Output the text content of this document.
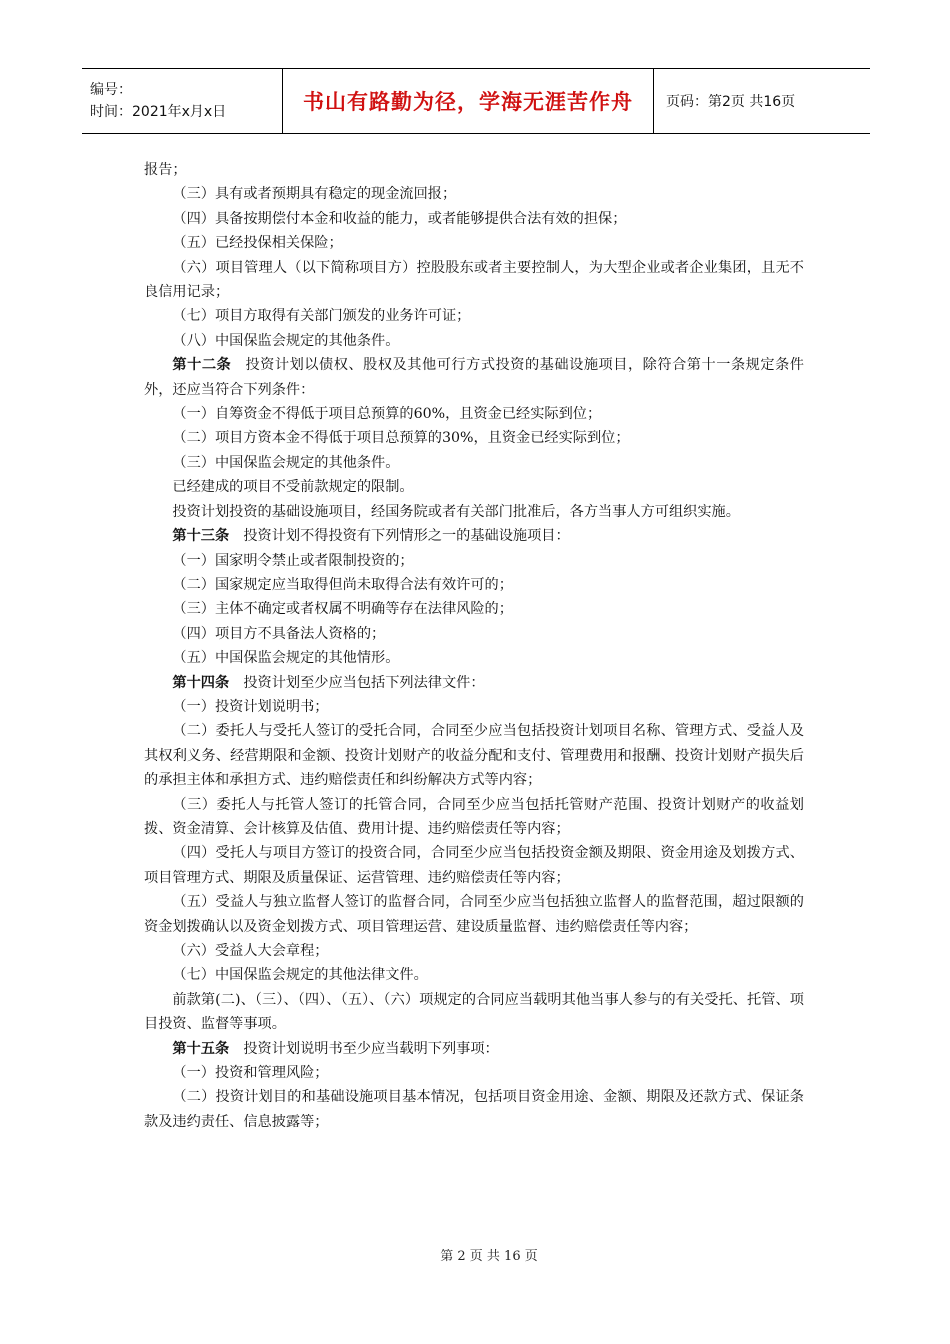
编号：
时间：2021年x月x日	书山有路勤为径，学海无涯苦作舟 页码：第2页 共16页

报告；

（三）具有或者预期具有稳定的现金流回报；

（四）具备按期偿付本金和收益的能力，或者能够提供合法有效的担保；

（五）已经投保相关保险；

（六）项目管理人（以下简称项目方）控股股东或者主要控制人，为大型企业或者企业集团，且无不良信用记录；

（七）项目方取得有关部门颁发的业务许可证；

（八）中国保监会规定的其他条件。

第十二条 投资计划以债权、股权及其他可行方式投资的基础设施项目，除符合第十一条规定条件外，还应当符合下列条件：

（一）自筹资金不得低于项目总预算的60%，且资金已经实际到位；

（二）项目方资本金不得低于项目总预算的30%，且资金已经实际到位；

（三）中国保监会规定的其他条件。

已经建成的项目不受前款规定的限制。

投资计划投资的基础设施项目，经国务院或者有关部门批准后，各方当事人方可组织实施。

第十三条 投资计划不得投资有下列情形之一的基础设施项目：

（一）国家明令禁止或者限制投资的；

（二）国家规定应当取得但尚未取得合法有效许可的；

（三）主体不确定或者权属不明确等存在法律风险的；

（四）项目方不具备法人资格的；

（五）中国保监会规定的其他情形。

第十四条 投资计划至少应当包括下列法律文件：

（一）投资计划说明书；

（二）委托人与受托人签订的受托合同，合同至少应当包括投资计划项目名称、管理方式、受益人及其权利义务、经营期限和金额、投资计划财产的收益分配和支付、管理费用和报酬、投资计划财产损失后的承担主体和承担方式、违约赔偿责任和纠纷解决方式等内容；

（三）委托人与托管人签订的托管合同，合同至少应当包括托管财产范围、投资计划财产的收益划拨、资金清算、会计核算及估值、费用计提、违约赔偿责任等内容；

（四）受托人与项目方签订的投资合同，合同至少应当包括投资金额及期限、资金用途及划拨方式、项目管理方式、期限及质量保证、运营管理、违约赔偿责任等内容；

（五）受益人与独立监督人签订的监督合同，合同至少应当包括独立监督人的监督范围，超过限额的资金划拨确认以及资金划拨方式、项目管理运营、建设质量监督、违约赔偿责任等内容；

（六）受益人大会章程；

（七）中国保监会规定的其他法律文件。

前款第(二)、（三）、（四）、（五）、（六）项规定的合同应当载明其他当事人参与的有关受托、托管、项目投资、监督等事项。

第十五条 投资计划说明书至少应当载明下列事项：

（一）投资和管理风险；

（二）投资计划目的和基础设施项目基本情况，包括项目资金用途、金额、期限及还款方式、保证条款及违约责任、信息披露等；

第 2 页 共 16 页
